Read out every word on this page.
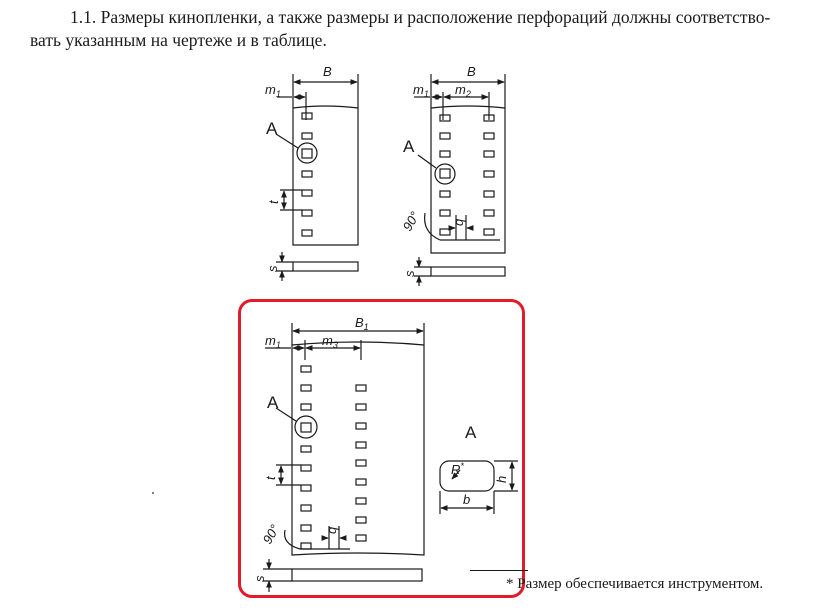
1.1. Размеры кинопленки, а также размеры и расположение перфораций должны соответство-вать указанным на чертеже и в таблице.

B
$m_1$
A
t
s
B
$m_1$ $m_2$
A
90° q
s
$B_1$
$m_1$	$m_3$
A
t
90°	q
s
A
R*
h
b

* Размер обеспечивается инструментом.
